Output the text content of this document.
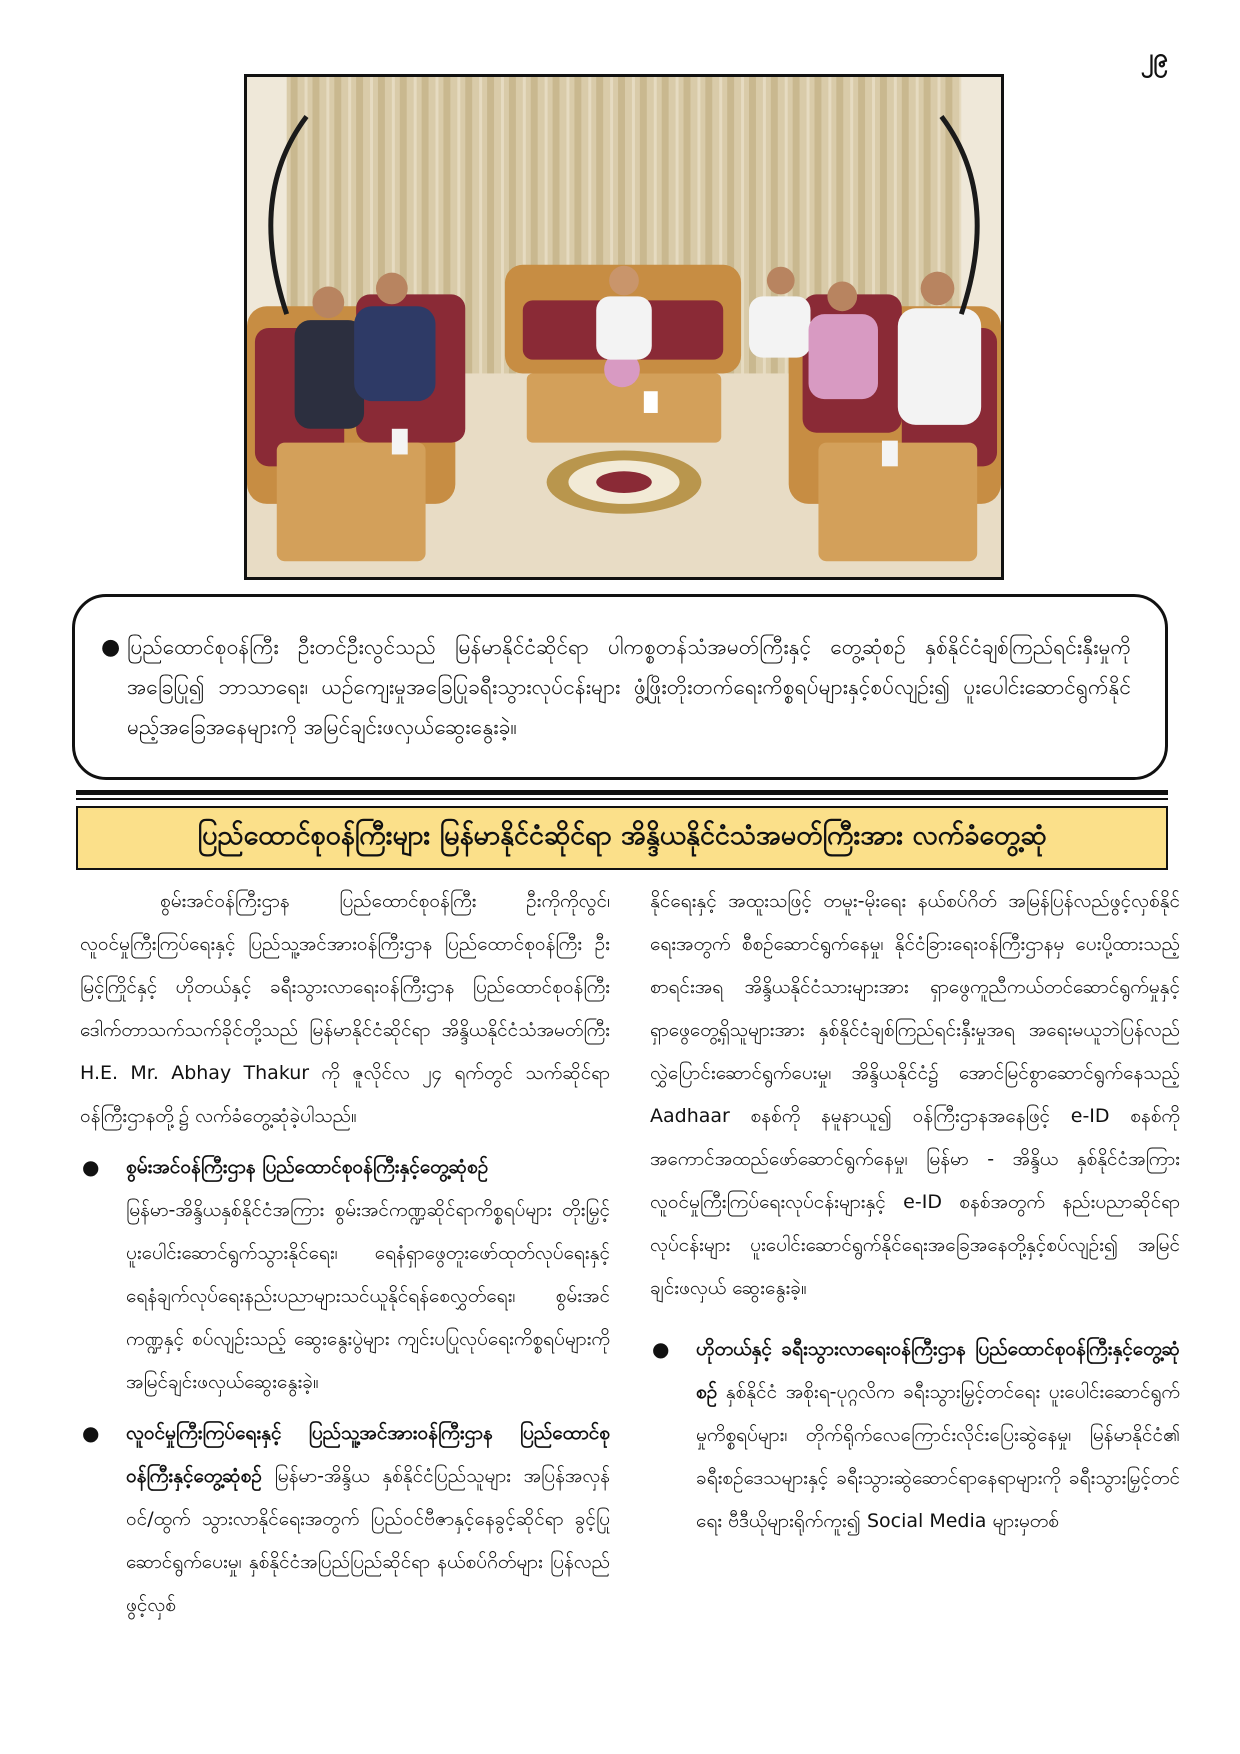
၂၉
● ပြည်ထောင်စုဝန်ကြီး ဦးတင်ဦးလွင်သည် မြန်မာနိုင်ငံဆိုင်ရာ ပါကစ္စတန်သံအမတ်ကြီးနှင့် တွေ့ဆုံစဉ် နှစ်နိုင်ငံချစ်ကြည်ရင်းနှီးမှုကို အခြေပြု၍ ဘာသာရေး၊ ယဉ်ကျေးမှုအခြေပြုခရီးသွားလုပ်ငန်းများ ဖွံ့ဖြိုးတိုးတက်ရေးကိစ္စရပ်များနှင့်စပ်လျဉ်း၍ ပူးပေါင်းဆောင်ရွက်နိုင်မည့်အခြေအနေများကို အမြင်ချင်းဖလှယ်ဆွေးနွေးခဲ့။

ပြည်ထောင်စုဝန်ကြီးများ မြန်မာနိုင်ငံဆိုင်ရာ အိန္ဒိယနိုင်ငံသံအမတ်ကြီးအား လက်ခံတွေ့ဆုံ

စွမ်းအင်ဝန်ကြီးဌာန ပြည်ထောင်စုဝန်ကြီး ဦးကိုကိုလွင်၊ လူဝင်မှုကြီးကြပ်ရေးနှင့် ပြည်သူ့အင်အားဝန်ကြီးဌာန ပြည်ထောင်စုဝန်ကြီး ဦးမြင့်ကြိုင်နှင့် ဟိုတယ်နှင့် ခရီးသွားလာရေးဝန်ကြီးဌာန ပြည်ထောင်စုဝန်ကြီး ဒေါက်တာသက်သက်ခိုင်တို့သည် မြန်မာနိုင်ငံဆိုင်ရာ အိန္ဒိယနိုင်ငံသံအမတ်ကြီး H.E. Mr. Abhay Thakur ကို ဇူလိုင်လ ၂၄ ရက်တွင် သက်ဆိုင်ရာဝန်ကြီးဌာနတို့၌ လက်ခံတွေ့ဆုံခဲ့ပါသည်။

● စွမ်းအင်ဝန်ကြီးဌာန ပြည်ထောင်စုဝန်ကြီးနှင့်တွေ့ဆုံစဉ်

မြန်မာ-အိန္ဒိယနှစ်နိုင်ငံအကြား စွမ်းအင်ကဏ္ဍဆိုင်ရာကိစ္စရပ်များ တိုးမြှင့်ပူးပေါင်းဆောင်ရွက်သွားနိုင်ရေး၊ ရေနံရှာဖွေတူးဖော်ထုတ်လုပ်ရေးနှင့် ရေနံချက်လုပ်ရေးနည်းပညာများသင်ယူနိုင်ရန်စေလွှတ်ရေး၊ စွမ်းအင်ကဏ္ဍနှင့် စပ်လျဉ်းသည့် ဆွေးနွေးပွဲများ ကျင်းပပြုလုပ်ရေးကိစ္စရပ်များကို အမြင်ချင်းဖလှယ်ဆွေးနွေးခဲ့။

● လူဝင်မှုကြီးကြပ်ရေးနှင့် ပြည်သူ့အင်အားဝန်ကြီးဌာန ပြည်ထောင်စုဝန်ကြီးနှင့်တွေ့ဆုံစဉ် မြန်မာ-အိန္ဒိယ နှစ်နိုင်ငံပြည်သူများ အပြန်အလှန် ဝင်/ထွက် သွားလာနိုင်ရေးအတွက် ပြည်ဝင်ဗီဇာနှင့်နေခွင့်ဆိုင်ရာ ခွင့်ပြုဆောင်ရွက်ပေးမှု၊ နှစ်နိုင်ငံအပြည်ပြည်ဆိုင်ရာ နယ်စပ်ဂိတ်များ ပြန်လည်ဖွင့်လှစ်

နိုင်ရေးနှင့် အထူးသဖြင့် တမူး-မိုးရေး နယ်စပ်ဂိတ် အမြန်ပြန်လည်ဖွင့်လှစ်နိုင်ရေးအတွက် စီစဉ်ဆောင်ရွက်နေမှု၊ နိုင်ငံခြားရေးဝန်ကြီးဌာနမှ ပေးပို့ထားသည့်စာရင်းအရ အိန္ဒိယနိုင်ငံသားများအား ရှာဖွေကူညီကယ်တင်ဆောင်ရွက်မှုနှင့် ရှာဖွေတွေ့ရှိသူများအား နှစ်နိုင်ငံချစ်ကြည်ရင်းနှီးမှုအရ အရေးမယူဘဲပြန်လည်လွှဲပြောင်းဆောင်ရွက်ပေးမှု၊ အိန္ဒိယနိုင်ငံ၌ အောင်မြင်စွာဆောင်ရွက်နေသည့် Aadhaar စနစ်ကို နမူနာယူ၍ ဝန်ကြီးဌာနအနေဖြင့် e-ID စနစ်ကို အကောင်အထည်ဖော်ဆောင်ရွက်နေမှု၊ မြန်မာ - အိန္ဒိယ နှစ်နိုင်ငံအကြား လူဝင်မှုကြီးကြပ်ရေးလုပ်ငန်းများနှင့် e-ID စနစ်အတွက် နည်းပညာဆိုင်ရာလုပ်ငန်းများ ပူးပေါင်းဆောင်ရွက်နိုင်ရေးအခြေအနေတို့နှင့်စပ်လျဉ်း၍ အမြင်ချင်းဖလှယ် ဆွေးနွေးခဲ့။

● ဟိုတယ်နှင့် ခရီးသွားလာရေးဝန်ကြီးဌာန ပြည်ထောင်စုဝန်ကြီးနှင့်တွေ့ဆုံစဉ် နှစ်နိုင်ငံ အစိုးရ-ပုဂ္ဂလိက ခရီးသွားမြှင့်တင်ရေး ပူးပေါင်းဆောင်ရွက်မှုကိစ္စရပ်များ၊ တိုက်ရိုက်လေကြောင်းလိုင်းပြေးဆွဲနေမှု၊ မြန်မာနိုင်ငံ၏ ခရီးစဉ်ဒေသများနှင့် ခရီးသွားဆွဲဆောင်ရာနေရာများကို ခရီးသွားမြှင့်တင်ရေး ဗီဒီယိုများရိုက်ကူး၍ Social Media များမှတစ်
